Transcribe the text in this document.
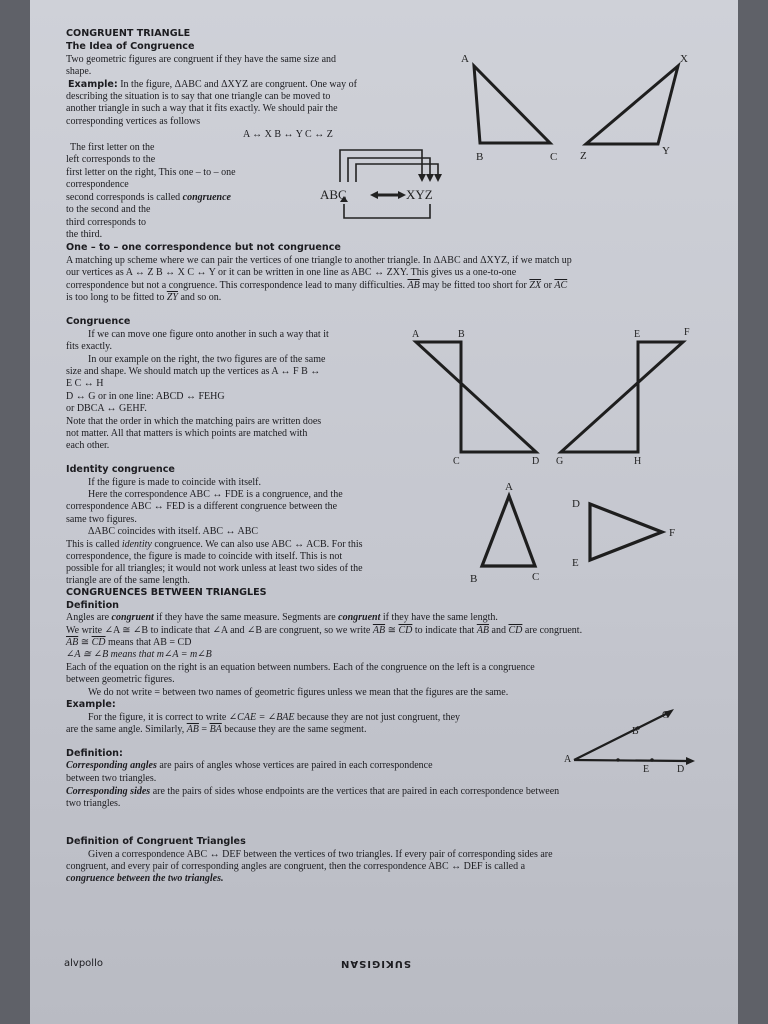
CONGRUENT TRIANGLE
The Idea of Congruence
Two geometric figures are congruent if they have the same size and
shape.
Example: In the figure, ΔABC and ΔXYZ are congruent. One way of
describing the situation is to say that one triangle can be moved to
another triangle in such a way that it fits exactly. We should pair the
corresponding vertices as follows
A ↔ X B ↔ Y C ↔ Z
The first letter on the
left corresponds to the
first letter on the right, This one – to – one
correspondence
second corresponds is called congruence
to the second and the
third corresponds to
the third.
ABC	XYZ
A
B	C
X
Z	Y
One – to – one correspondence but not congruence
A matching up scheme where we can pair the vertices of one triangle to another triangle. In ΔABC and ΔXYZ, if we match up
our vertices as A ↔ Z B ↔ X C ↔ Y or it can be written in one line as ABC ↔ ZXY. This gives us a one-to-one
correspondence but not a congruence. This correspondence lead to many difficulties. $\overline{AB}$ may be fitted too short for $\overline{ZX}$ or $\overline{AC}$
is too long to be fitted to $\overline{ZY}$ and so on.
Congruence
If we can move one figure onto another in such a way that it
fits exactly.
In our example on the right, the two figures are of the same
size and shape. We should match up the vertices as A ↔ F B ↔
E C ↔ H
D ↔ G or in one line: ABCD ↔ FEHG
or DBCA ↔ GEHF.
Note that the order in which the matching pairs are written does
not matter. All that matters is which points are matched with
each other.
A	B
C	D
E	F
G	H
Identity congruence
If the figure is made to coincide with itself.
Here the correspondence ABC ↔ FDE is a congruence, and the
correspondence ABC ↔ FED is a different congruence between the
same two figures.
ΔABC coincides with itself. ABC ↔ ABC
This is called identity congruence. We can also use ABC ↔ ACB. For this
correspondence, the figure is made to coincide with itself. This is not
possible for all triangles; it would not work unless at least two sides of the
triangle are of the same length.
A
B	C
D
E
F
CONGRUENCES BETWEEN TRIANGLES
Definition
Angles are congruent if they have the same measure. Segments are congruent if they have the same length.
We write ∠A ≅ ∠B to indicate that ∠A and ∠B are congruent, so we write $\overline{AB}$ ≅ $\overline{CD}$ to indicate that $\overline{AB}$ and $\overline{CD}$ are congruent.
$\overline{AB}$ ≅ $\overline{CD}$ means that AB = CD
∠A ≅ ∠B means that m∠A = m∠B
Each of the equation on the right is an equation between numbers. Each of the congruence on the left is a congruence
between geometric figures.
We do not write = between two names of geometric figures unless we mean that the figures are the same.
Example:
For the figure, it is correct to write ∠CAE = ∠BAE because they are not just congruent, they
are the same angle. Similarly, $\overline{AB} = \overline{BA}$ because they are the same segment.
C
B
A
E	D
Definition:
Corresponding angles are pairs of angles whose vertices are paired in each correspondence
between two triangles.
Corresponding sides are the pairs of sides whose endpoints are the vertices that are paired in each correspondence between
two triangles.
Definition of Congruent Triangles
Given a correspondence ABC ↔ DEF between the vertices of two triangles. If every pair of corresponding sides are
congruent, and every pair of corresponding angles are congruent, then the correspondence ABC ↔ DEF is called a
congruence between the two triangles.
alvpollo	SUKIGISAN
